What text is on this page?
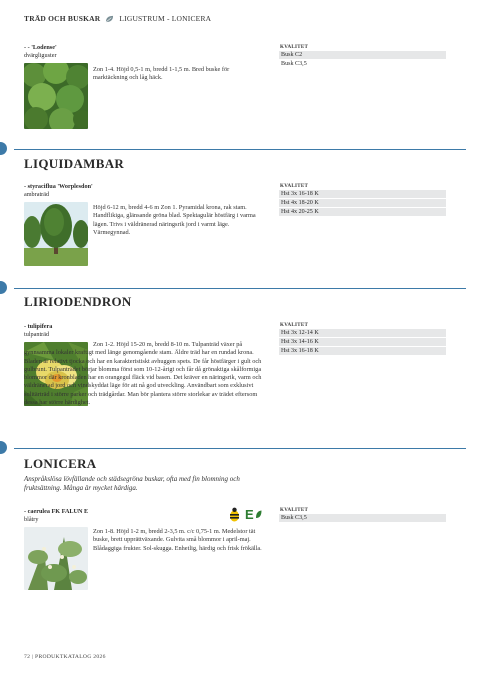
TRÄD OCH BUSKAR	LIGUSTRUM - LONICERA
- - 'Lodense'
dvärgliguster
Zon 1-4. Höjd 0,5-1 m, bredd 1-1,5 m. Bred buske för marktäckning och låg häck.
KVALITET
Busk C2
Busk C3,5
LIQUIDAMBAR
- styraciflua 'Worplesdon'
ambraträd
Höjd 6-12 m, bredd 4-6 m Zon 1. Pyramidal krona, rak stam. Handflikiga, glänsande gröna blad. Spektagulär höstfärg i varma lägen. Trivs i väldränerad näringsrik jord i varmt läge. Värmegynnad.
KVALITET
Hst 3x 16-18 K
Hst 4x 18-20 K
Hst 4x 20-25 K
LIRIODENDRON
- tulipifera
tulpanträd
Zon 1-2. Höjd 15-20 m, bredd 8-10 m. Tulpanträd växer på gynnsamma lokaler kraftigt med länge genomgående stam. Äldre träd har en rundad krona. Bladen är relativt tjocka och har en karakteristiskt avhuggen spets. De får höstfärger i gult och gulbrunt. Tulpanträdet börjar blomma först som 10-12-årigt och får då grönaktiga skålformiga blommor där kronbladen har en orangegul fläck vid basen. Det kräver en näringsrik, varm och väldränerad jord och vindskyddat läge för att nå god utveckling. Användbart som exklusivt solitärträd i större parker och trädgårdar. Man bör plantera större storlekar av trädet eftersom dessa har större härdighet.
KVALITET
Hst 3x 12-14 K
Hst 3x 14-16 K
Hst 3x 16-18 K
LONICERA
Anspråkslösa lövfällande och städsegröna buskar, ofta med fin blomning och fruktsättning. Många är mycket härdiga.
- caerulea FK FALUN E
blåtry	E
Zon 1-8. Höjd 1-2 m, bredd 2-3,5 m. c/c 0,75-1 m. Medelstor tät buske, brett upprättväxande. Gulvita små blommor i april-maj. Blådaggiga frukter. Sol-skugga. Enhetlig, härdig och frisk frökälla.
KVALITET
Busk C3,5
72 | PRODUKTKATALOG 2026
